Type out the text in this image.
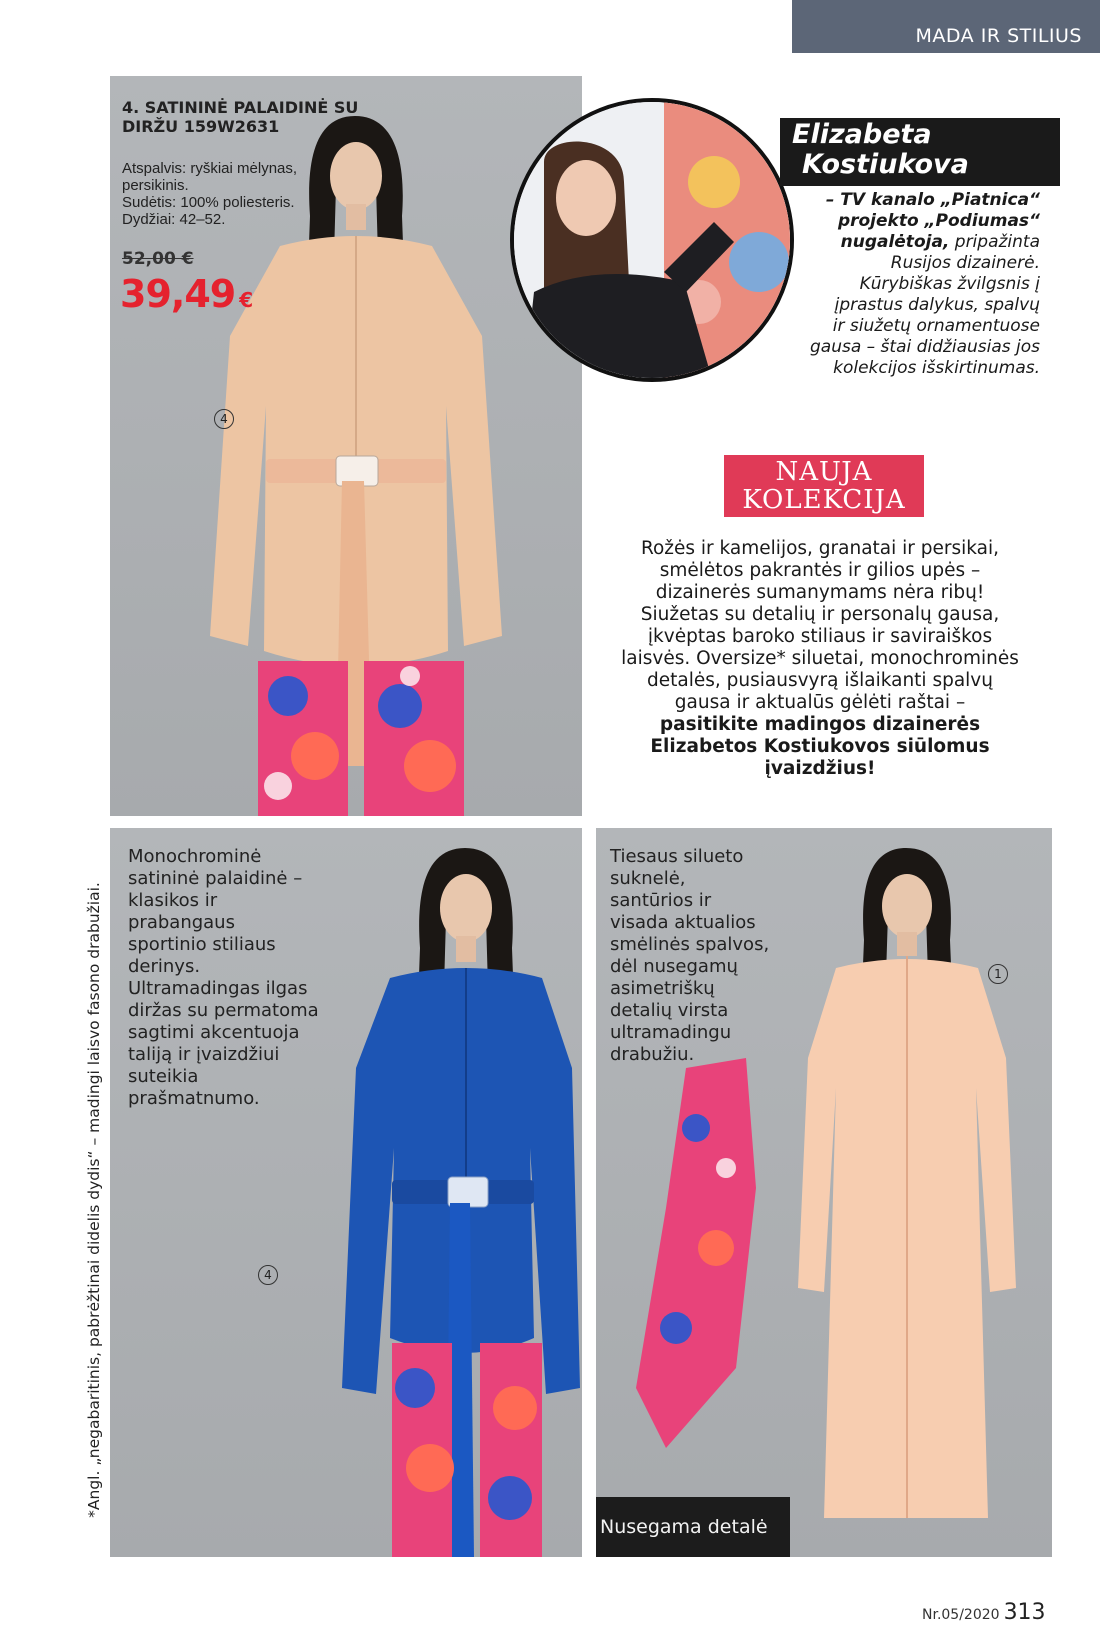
MADA IR STILIUS
4. SATININĖ PALAIDINĖ SU DIRŽU 159W2631
Atspalvis: ryškiai mėlynas,
persikinis.
Sudėtis: 100% poliesteris.
Dydžiai: 42–52.
52,00 €
39,49 €
4
Elizabeta
Kostiukova
– TV kanalo „Piatnica“
projekto „Podiumas“
nugalėtoja, pripažinta
Rusijos dizainerė.
Kūrybiškas žvilgsnis į
įprastus dalykus, spalvų
ir siužetų ornamentuose
gausa – štai didžiausias jos
kolekcijos išskirtinumas.
NAUJA
KOLEKCIJA
Rožės ir kamelijos, granatai ir persikai,
smėlėtos pakrantės ir gilios upės –
dizainerės sumanymams nėra ribų!
Siužetas su detalių ir personalų gausa,
įkvėptas baroko stiliaus ir saviraiškos
laisvės. Oversize* siluetai, monochrominės
detalės, pusiausvyrą išlaikanti spalvų
gausa ir aktualūs gėlėti raštai –
pasitikite madingos dizainerės
Elizabetos Kostiukovos siūlomus
įvaizdžius!
Monochrominė
satininė palaidinė –
klasikos ir
prabangaus
sportinio stiliaus
derinys.
Ultramadingas ilgas
diržas su permatoma
sagtimi akcentuoja
taliją ir įvaizdžiui
suteikia
prašmatnumo.
4
Tiesaus silueto
suknelė,
santūrios ir
visada aktualios
smėlinės spalvos,
dėl nusegamų
asimetriškų
detalių virsta
ultramadingu
drabužiu.
1
Nusegama detalė
*Angl. „negabaritinis, pabrėžtinai didelis dydis“ – madingi laisvo fasono drabužiai.
Nr.05/2020 313
